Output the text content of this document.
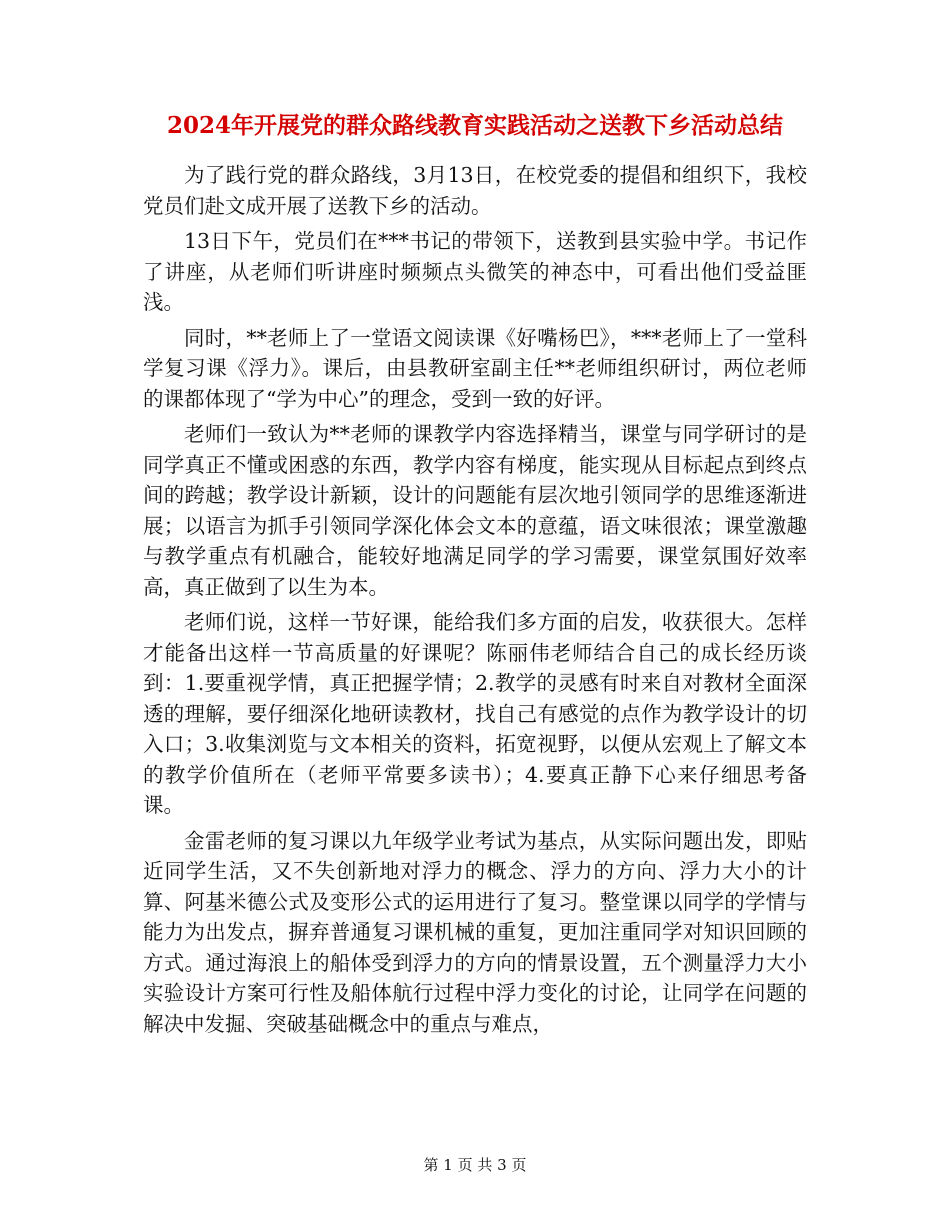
2024年开展党的群众路线教育实践活动之送教下乡活动总结

为了践行党的群众路线，3月13日，在校党委的提倡和组织下，我校党员们赴文成开展了送教下乡的活动。

13日下午，党员们在***书记的带领下，送教到县实验中学。书记作了讲座，从老师们听讲座时频频点头微笑的神态中，可看出他们受益匪浅。

同时，**老师上了一堂语文阅读课《好嘴杨巴》，***老师上了一堂科学复习课《浮力》。课后，由县教研室副主任**老师组织研讨，两位老师的课都体现了“学为中心”的理念，受到一致的好评。

老师们一致认为**老师的课教学内容选择精当，课堂与同学研讨的是同学真正不懂或困惑的东西，教学内容有梯度，能实现从目标起点到终点间的跨越；教学设计新颖，设计的问题能有层次地引领同学的思维逐渐进展；以语言为抓手引领同学深化体会文本的意蕴，语文味很浓；课堂激趣与教学重点有机融合，能较好地满足同学的学习需要，课堂氛围好效率高，真正做到了以生为本。

老师们说，这样一节好课，能给我们多方面的启发，收获很大。怎样才能备出这样一节高质量的好课呢？陈丽伟老师结合自己的成长经历谈到：1.要重视学情，真正把握学情；2.教学的灵感有时来自对教材全面深透的理解，要仔细深化地研读教材，找自己有感觉的点作为教学设计的切入口；3.收集浏览与文本相关的资料，拓宽视野，以便从宏观上了解文本的教学价值所在（老师平常要多读书）；4.要真正静下心来仔细思考备课。

金雷老师的复习课以九年级学业考试为基点，从实际问题出发，即贴近同学生活，又不失创新地对浮力的概念、浮力的方向、浮力大小的计算、阿基米德公式及变形公式的运用进行了复习。整堂课以同学的学情与能力为出发点，摒弃普通复习课机械的重复，更加注重同学对知识回顾的方式。通过海浪上的船体受到浮力的方向的情景设置，五个测量浮力大小实验设计方案可行性及船体航行过程中浮力变化的讨论，让同学在问题的解决中发掘、突破基础概念中的重点与难点，

第 1 页 共 3 页
